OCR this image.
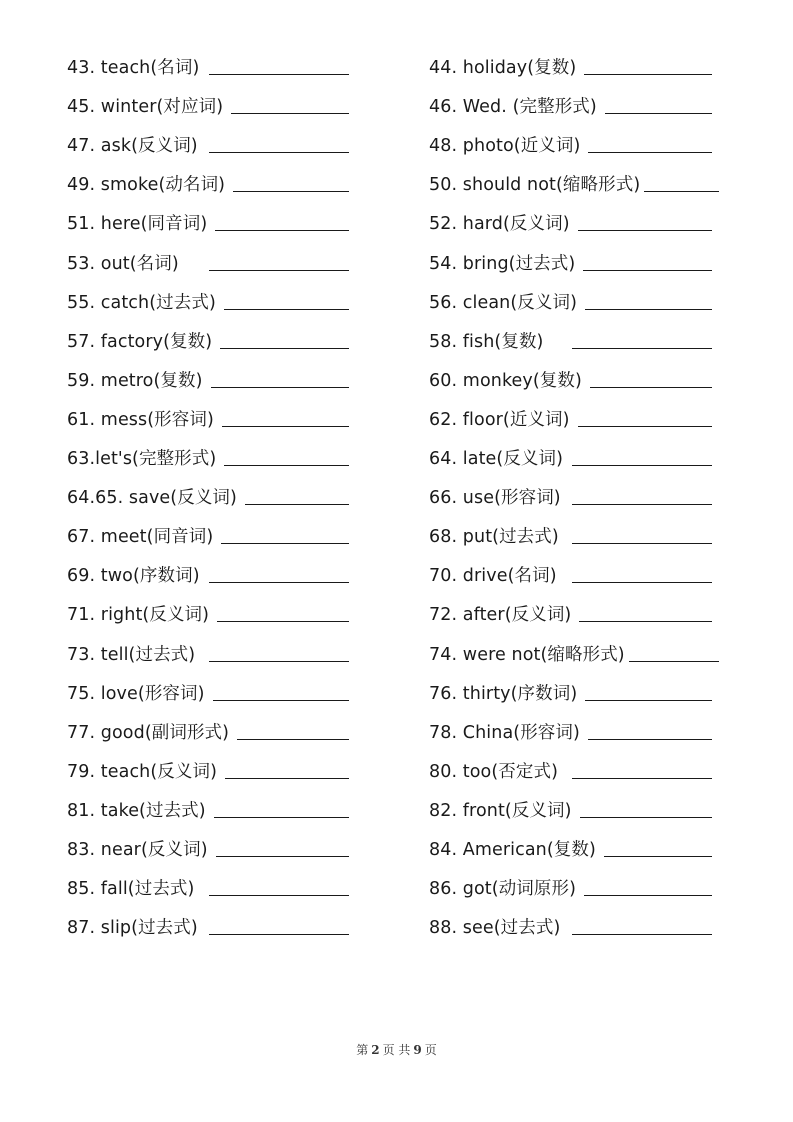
43. teach(名词)	44. holiday(复数)
45. winter(对应词)	46. Wed. (完整形式)
47. ask(反义词)	48. photo(近义词)
49. smoke(动名词)	50. should not(缩略形式)
51. here(同音词)	52. hard(反义词)
53. out(名词)	54. bring(过去式)
55. catch(过去式)	56. clean(反义词)
57. factory(复数)	58. fish(复数)
59. metro(复数)	60. monkey(复数)
61. mess(形容词)	62. floor(近义词)
63.let's(完整形式)	64. late(反义词)
64.65. save(反义词)	66. use(形容词)
67. meet(同音词)	68. put(过去式)
69. two(序数词)	70. drive(名词)
71. right(反义词)	72. after(反义词)
73. tell(过去式)	74. were not(缩略形式)
75. love(形容词)	76. thirty(序数词)
77. good(副词形式)	78. China(形容词)
79. teach(反义词)	80. too(否定式)
81. take(过去式)	82. front(反义词)
83. near(反义词)	84. American(复数)
85. fall(过去式)	86. got(动词原形)
87. slip(过去式)	88. see(过去式)
第 2 页 共 9 页
